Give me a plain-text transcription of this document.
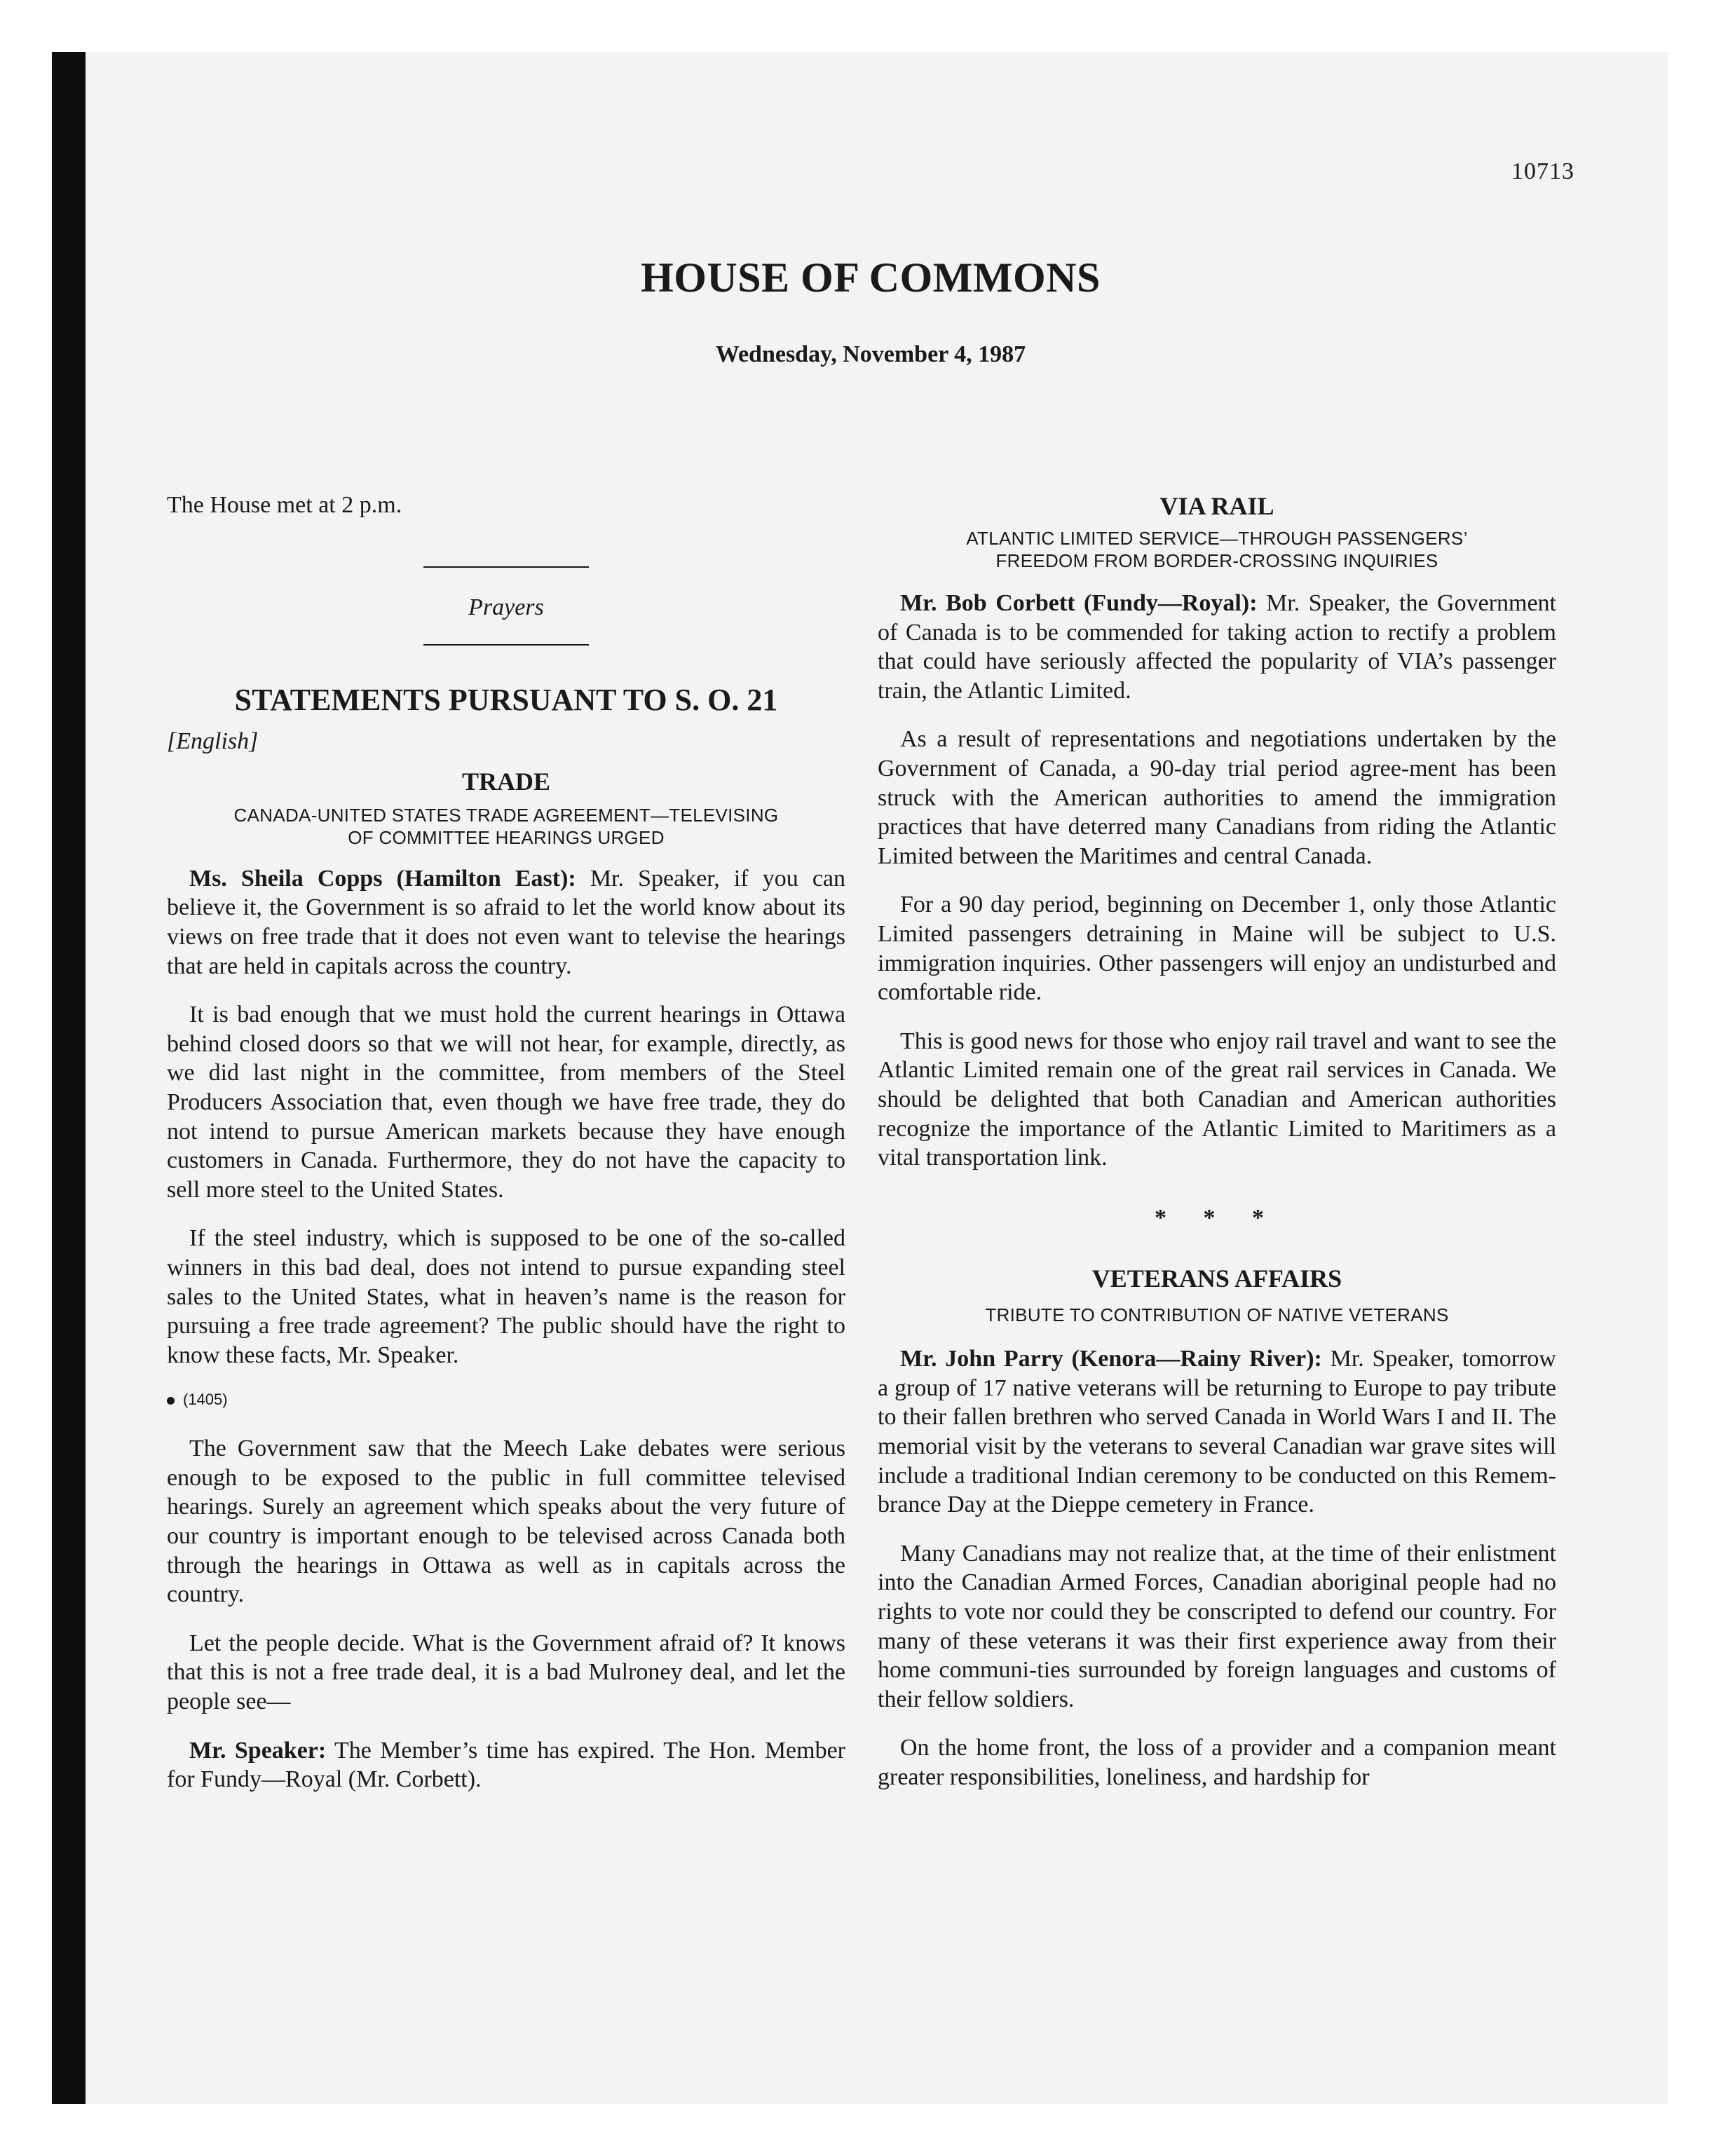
10713
HOUSE OF COMMONS
Wednesday, November 4, 1987

The House met at 2 p.m.

Prayers
STATEMENTS PURSUANT TO S. O. 21
[English]
TRADE
CANADA-UNITED STATES TRADE AGREEMENT—TELEVISING
OF COMMITTEE HEARINGS URGED

Ms. Sheila Copps (Hamilton East): Mr. Speaker, if you can believe it, the Government is so afraid to let the world know about its views on free trade that it does not even want to televise the hearings that are held in capitals across the country.

It is bad enough that we must hold the current hearings in Ottawa behind closed doors so that we will not hear, for example, directly, as we did last night in the committee, from members of the Steel Producers Association that, even though we have free trade, they do not intend to pursue American markets because they have enough customers in Canada. Furthermore, they do not have the capacity to sell more steel to the United States.

If the steel industry, which is supposed to be one of the so-called winners in this bad deal, does not intend to pursue expanding steel sales to the United States, what in heaven’s name is the reason for pursuing a free trade agreement? The public should have the right to know these facts, Mr. Speaker.

(1405)

The Government saw that the Meech Lake debates were serious enough to be exposed to the public in full committee televised hearings. Surely an agreement which speaks about the very future of our country is important enough to be televised across Canada both through the hearings in Ottawa as well as in capitals across the country.

Let the people decide. What is the Government afraid of? It knows that this is not a free trade deal, it is a bad Mulroney deal, and let the people see—

Mr. Speaker: The Member’s time has expired. The Hon. Member for Fundy—Royal (Mr. Corbett).

VIA RAIL
ATLANTIC LIMITED SERVICE—THROUGH PASSENGERS’
FREEDOM FROM BORDER-CROSSING INQUIRIES

Mr. Bob Corbett (Fundy—Royal): Mr. Speaker, the Government of Canada is to be commended for taking action to rectify a problem that could have seriously affected the popularity of VIA’s passenger train, the Atlantic Limited.

As a result of representations and negotiations undertaken by the Government of Canada, a 90-day trial period agree-ment has been struck with the American authorities to amend the immigration practices that have deterred many Canadians from riding the Atlantic Limited between the Maritimes and central Canada.

For a 90 day period, beginning on December 1, only those Atlantic Limited passengers detraining in Maine will be subject to U.S. immigration inquiries. Other passengers will enjoy an undisturbed and comfortable ride.

This is good news for those who enjoy rail travel and want to see the Atlantic Limited remain one of the great rail services in Canada. We should be delighted that both Canadian and American authorities recognize the importance of the Atlantic Limited to Maritimers as a vital transportation link.

* * *
VETERANS AFFAIRS
TRIBUTE TO CONTRIBUTION OF NATIVE VETERANS

Mr. John Parry (Kenora—Rainy River): Mr. Speaker, tomorrow a group of 17 native veterans will be returning to Europe to pay tribute to their fallen brethren who served Canada in World Wars I and II. The memorial visit by the veterans to several Canadian war grave sites will include a traditional Indian ceremony to be conducted on this Remem-brance Day at the Dieppe cemetery in France.

Many Canadians may not realize that, at the time of their enlistment into the Canadian Armed Forces, Canadian aboriginal people had no rights to vote nor could they be conscripted to defend our country. For many of these veterans it was their first experience away from their home communi-ties surrounded by foreign languages and customs of their fellow soldiers.

On the home front, the loss of a provider and a companion meant greater responsibilities, loneliness, and hardship for
